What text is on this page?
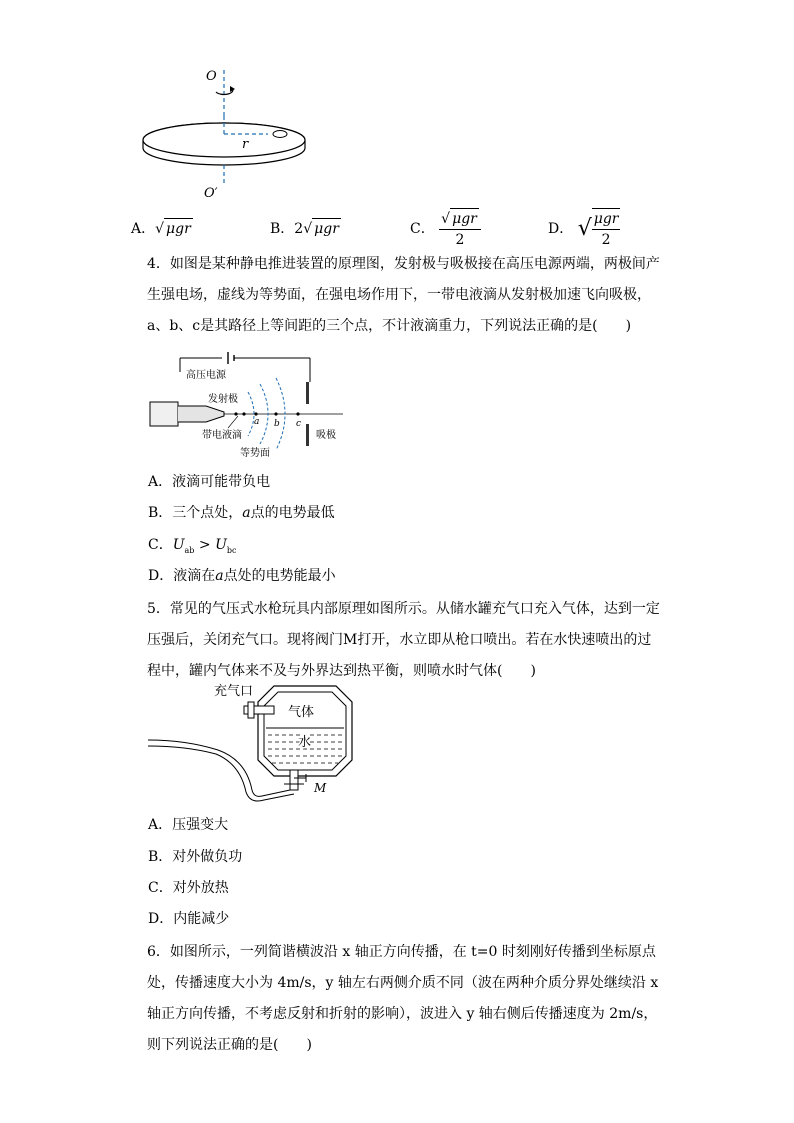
O
r
O′
A．√ μgr	B．2√ μgr	C． $\frac{\text{√ μgr}}{2}$	D． √ $\frac{\text{μgr}}{2}$
4．如图是某种静电推进装置的原理图，发射极与吸极接在高压电源两端，两极间产生强电场，虚线为等势面，在强电场作用下，一带电液滴从发射极加速飞向吸极，a、b、c是其路径上等间距的三个点，不计液滴重力，下列说法正确的是(　　)
高压电源
发射极
a b c
带电液滴
等势面
吸极
A．液滴可能带负电
B．三个点处，a点的电势最低
C．$U_{ab} > U_{bc}$
D．液滴在a点处的电势能最小
5．常见的气压式水枪玩具内部原理如图所示。从储水罐充气口充入气体，达到一定压强后，关闭充气口。现将阀门M打开，水立即从枪口喷出。若在水快速喷出的过程中，罐内气体来不及与外界达到热平衡，则喷水时气体(　　)
充气口
气体
水
M
A．压强变大
B．对外做负功
C．对外放热
D．内能减少
6．如图所示，一列简谐横波沿 x 轴正方向传播，在 t=0 时刻刚好传播到坐标原点处，传播速度大小为 4m/s，y 轴左右两侧介质不同（波在两种介质分界处继续沿 x 轴正方向传播，不考虑反射和折射的影响），波进入 y 轴右侧后传播速度为 2m/s，则下列说法正确的是(　　)
